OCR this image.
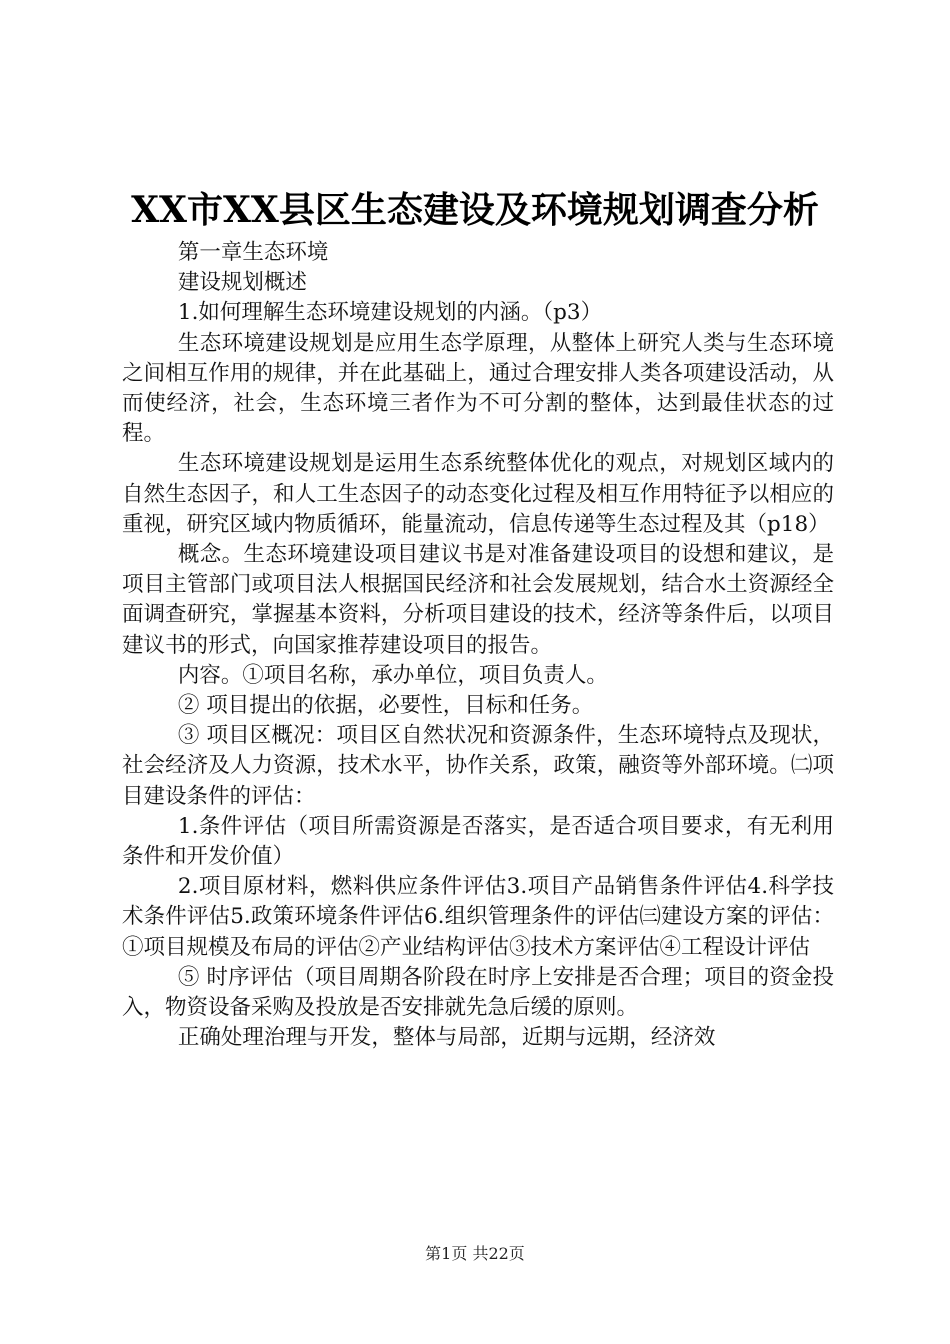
XX市XX县区生态建设及环境规划调查分析

第一章生态环境

建设规划概述

1.如何理解生态环境建设规划的内涵。（p3）

生态环境建设规划是应用生态学原理，从整体上研究人类与生态环境之间相互作用的规律，并在此基础上，通过合理安排人类各项建设活动，从而使经济，社会，生态环境三者作为不可分割的整体，达到最佳状态的过程。

生态环境建设规划是运用生态系统整体优化的观点，对规划区域内的自然生态因子，和人工生态因子的动态变化过程及相互作用特征予以相应的重视，研究区域内物质循环，能量流动，信息传递等生态过程及其（p18）

概念。生态环境建设项目建议书是对准备建设项目的设想和建议，是项目主管部门或项目法人根据国民经济和社会发展规划，结合水土资源经全面调查研究，掌握基本资料，分析项目建设的技术，经济等条件后，以项目建议书的形式，向国家推荐建设项目的报告。

内容。①项目名称，承办单位，项目负责人。

② 项目提出的依据，必要性，目标和任务。

③ 项目区概况：项目区自然状况和资源条件，生态环境特点及现状，社会经济及人力资源，技术水平，协作关系，政策，融资等外部环境。㈡项目建设条件的评估：

1.条件评估（项目所需资源是否落实，是否适合项目要求，有无利用条件和开发价值）

2.项目原材料，燃料供应条件评估3.项目产品销售条件评估4.科学技术条件评估5.政策环境条件评估6.组织管理条件的评估㈢建设方案的评估：①项目规模及布局的评估②产业结构评估③技术方案评估④工程设计评估

⑤ 时序评估（项目周期各阶段在时序上安排是否合理；项目的资金投入，物资设备采购及投放是否安排就先急后缓的原则。

正确处理治理与开发，整体与局部，近期与远期，经济效

第1页 共22页
